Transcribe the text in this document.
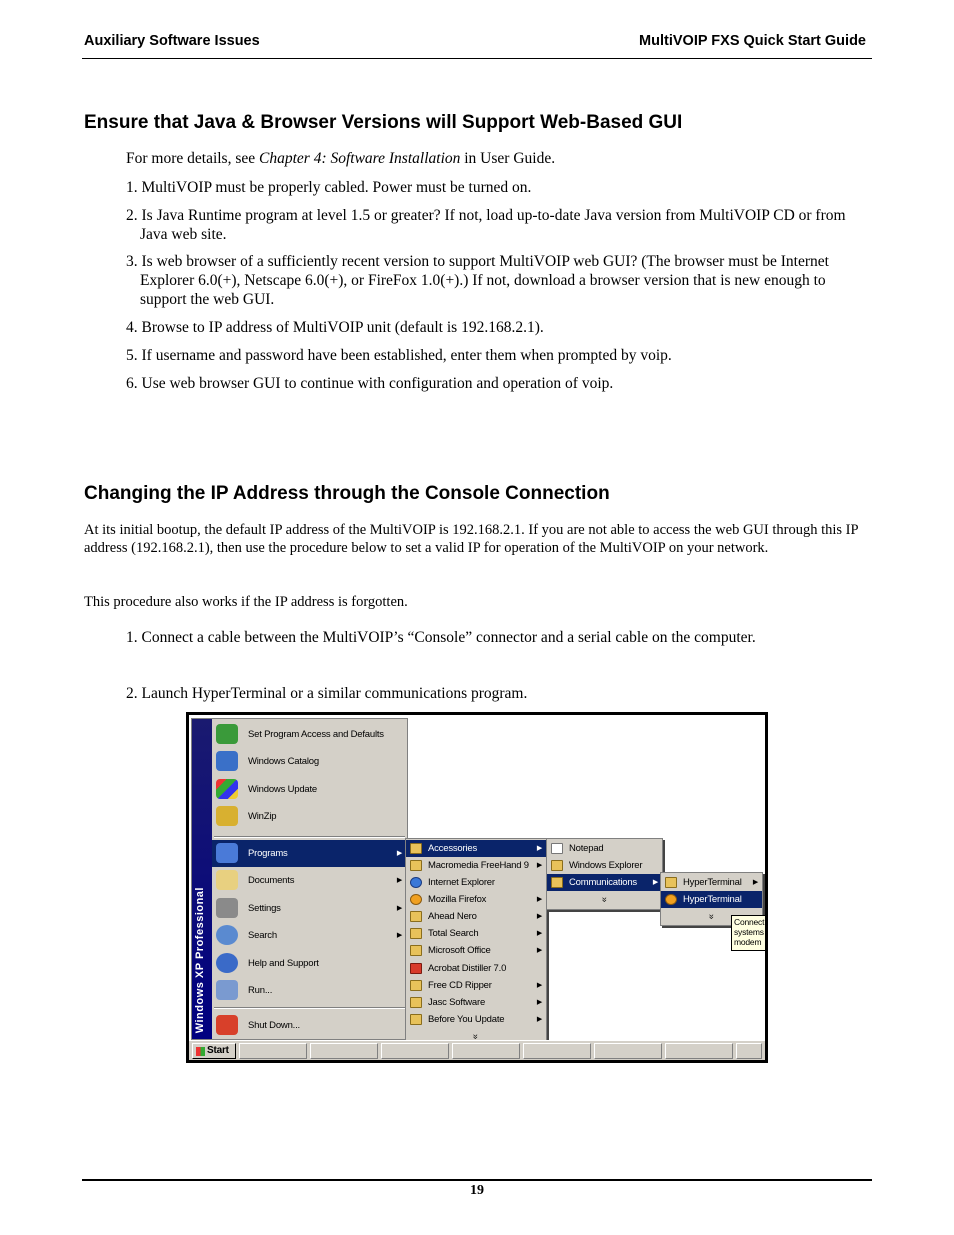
Auxiliary Software Issues	MultiVOIP FXS Quick Start Guide
Ensure that Java & Browser Versions will Support Web-Based GUI
For more details, see Chapter 4: Software Installation in User Guide.
1. MultiVOIP must be properly cabled. Power must be turned on.
2. Is Java Runtime program at level 1.5 or greater? If not, load up-to-date Java version from MultiVOIP CD or from Java web site.
3. Is web browser of a sufficiently recent version to support MultiVOIP web GUI? (The browser must be Internet Explorer 6.0(+), Netscape 6.0(+), or FireFox 1.0(+).) If not, download a browser version that is new enough to support the web GUI.
4. Browse to IP address of MultiVOIP unit (default is 192.168.2.1).
5. If username and password have been established, enter them when prompted by voip.
6. Use web browser GUI to continue with configuration and operation of voip.
Changing the IP Address through the Console Connection
At its initial bootup, the default IP address of the MultiVOIP is 192.168.2.1. If you are not able to access the web GUI through this IP address (192.168.2.1), then use the procedure below to set a valid IP for operation of the MultiVOIP on your network.
This procedure also works if the IP address is forgotten.
1. Connect a cable between the MultiVOIP’s “Console” connector and a serial cable on the computer.
2. Launch HyperTerminal or a similar communications program.
Windows XP Professional
Set Program Access and Defaults
Windows Catalog
Windows Update
WinZip
Programs	▶
Documents	▶
Settings	▶
Search	▶
Help and Support
Run...
Shut Down...
Accessories	▶
Macromedia FreeHand 9 ▶
Internet Explorer
Mozilla Firefox	▶
Ahead Nero	▶
Total Search	▶
Microsoft Office	▶
Acrobat Distiller 7.0
Free CD Ripper	▶
Jasc Software	▶
Before You Update	▶
»
Notepad
Windows Explorer
Communications ▶
»
HyperTerminal ▶
HyperTerminal
»
Connect systems modem
Start
19
